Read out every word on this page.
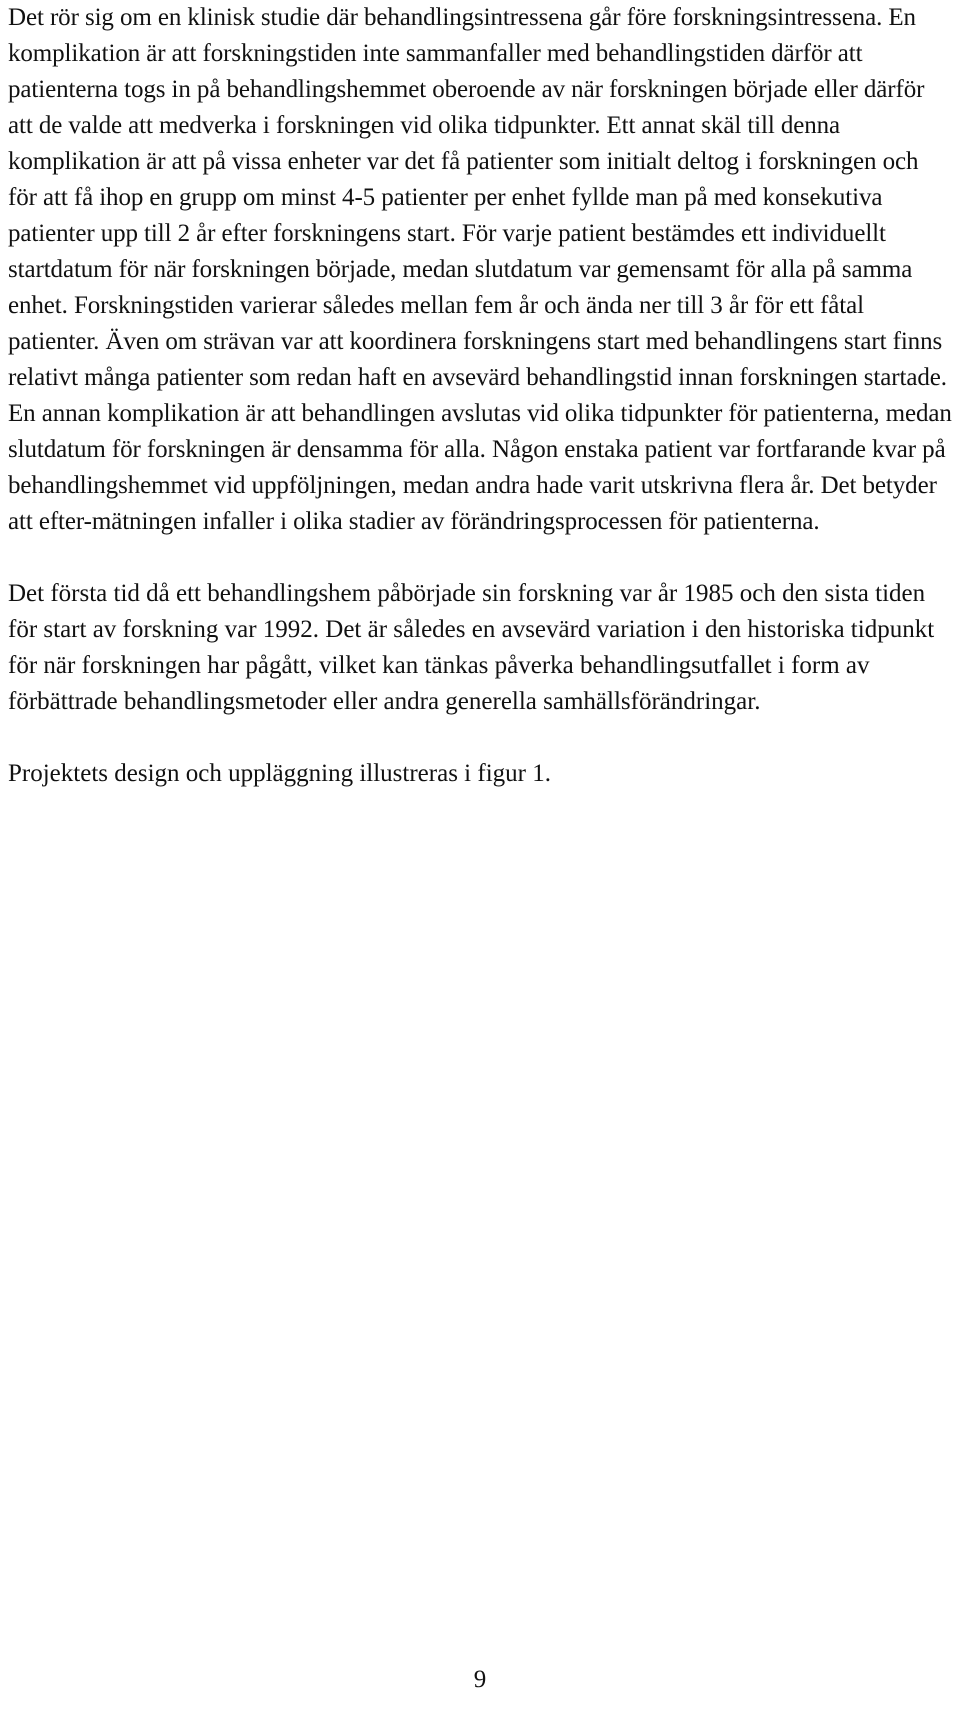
Det rör sig om en klinisk studie där behandlingsintressena går före forskningsintressena. En komplikation är att forskningstiden inte sammanfaller med behandlingstiden därför att patienterna togs in på behandlingshemmet oberoende av när forskningen började eller därför att de valde att medverka i forskningen vid olika tidpunkter. Ett annat skäl till denna komplikation är att på vissa enheter var det få patienter som initialt deltog i forskningen och för att få ihop en grupp om minst 4-5 patienter per enhet fyllde man på med konsekutiva patienter upp till 2 år efter forskningens start. För varje patient bestämdes ett individuellt startdatum för när forskningen började, medan slutdatum var gemensamt för alla på samma enhet. Forskningstiden varierar således mellan fem år och ända ner till 3 år för ett fåtal patienter. Även om strävan var att koordinera forskningens start med behandlingens start finns relativt många patienter som redan haft en avsevärd behandlingstid innan forskningen startade. En annan komplikation är att behandlingen avslutas vid olika tidpunkter för patienterna, medan slutdatum för forskningen är densamma för alla. Någon enstaka patient var fortfarande kvar på behandlingshemmet vid uppföljningen, medan andra hade varit utskrivna flera år. Det betyder att efter-mätningen infaller i olika stadier av förändringsprocessen för patienterna.

Det första tid då ett behandlingshem påbörjade sin forskning var år 1985 och den sista tiden för start av forskning var 1992. Det är således en avsevärd variation i den historiska tidpunkt för när forskningen har pågått, vilket kan tänkas påverka behandlingsutfallet i form av förbättrade behandlingsmetoder eller andra generella samhällsförändringar.

Projektets design och uppläggning illustreras i figur 1.

9
